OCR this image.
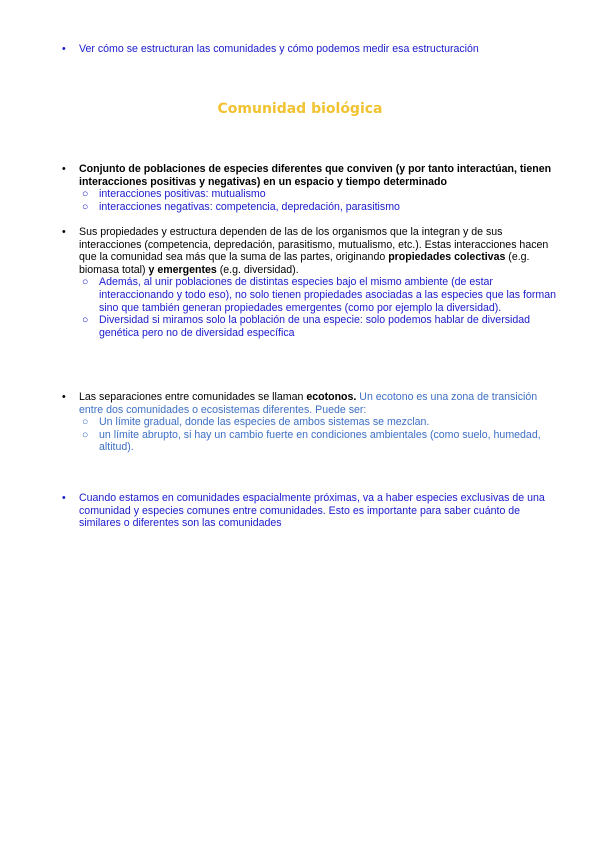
•	Ver cómo se estructuran las comunidades y cómo podemos medir esa estructuración
Comunidad biológica
•	Conjunto de poblaciones de especies diferentes que conviven (y por tanto interactúan, tienen interacciones positivas y negativas) en un espacio y tiempo determinado
○ interacciones positivas: mutualismo
○ interacciones negativas: competencia, depredación, parasitismo
•	Sus propiedades y estructura dependen de las de los organismos que la integran y de sus interacciones (competencia, depredación, parasitismo, mutualismo, etc.). Estas interacciones hacen que la comunidad sea más que la suma de las partes, originando propiedades colectivas (e.g. biomasa total) y emergentes (e.g. diversidad).
○ Además, al unir poblaciones de distintas especies bajo el mismo ambiente (de estar interaccionando y todo eso), no solo tienen propiedades asociadas a las especies que las forman sino que también generan propiedades emergentes (como por ejemplo la diversidad).
○ Diversidad si miramos solo la población de una especie: solo podemos hablar de diversidad genética pero no de diversidad específica
•	Las separaciones entre comunidades se llaman ecotonos. Un ecotono es una zona de transición entre dos comunidades o ecosistemas diferentes. Puede ser:
○ Un límite gradual, donde las especies de ambos sistemas se mezclan.
○ un límite abrupto, si hay un cambio fuerte en condiciones ambientales (como suelo, humedad, altitud).
•	Cuando estamos en comunidades espacialmente próximas, va a haber especies exclusivas de una comunidad y especies comunes entre comunidades. Esto es importante para saber cuánto de similares o diferentes son las comunidades
